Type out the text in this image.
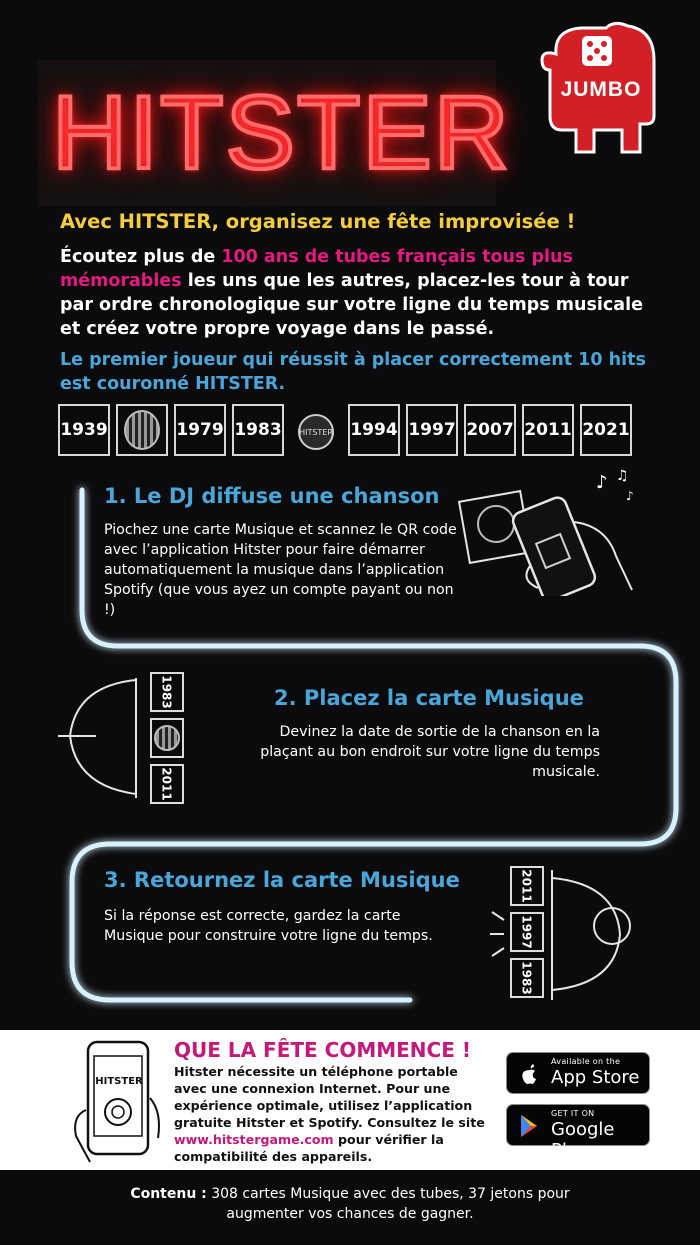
HITSTER	JUMBO
Avec HITSTER, organisez une fête improvisée !
Écoutez plus de 100 ans de tubes français tous plus mémorables les uns que les autres, placez-les tour à tour par ordre chronologique sur votre ligne du temps musicale et créez votre propre voyage dans le passé.
Le premier joueur qui réussit à placer correctement 10 hits est couronné HITSTER.
1939	1979 1983 HITSTER 1994 1997 2007 2011 2021
1. Le DJ diffuse une chanson
Piochez une carte Musique et scannez le QR code avec l’application Hitster pour faire démarrer automatiquement la musique dans l’application Spotify (que vous ayez un compte payant ou non !)
♪ ♫
♪
2. Placez la carte Musique
Devinez la date de sortie de la chanson en la plaçant au bon endroit sur votre ligne du temps musicale.
1983
2011
3. Retournez la carte Musique
Si la réponse est correcte, gardez la carte Musique pour construire votre ligne du temps.
2011
1997
1983
HITSTER
QUE LA FÊTE COMMENCE !
Hitster nécessite un téléphone portable avec une connexion Internet. Pour une expérience optimale, utilisez l’application gratuite Hitster et Spotify. Consultez le site www.hitstergame.com pour vérifier la compatibilité des appareils.
Available on the
App Store
GET IT ON
Google Play
Contenu : 308 cartes Musique avec des tubes, 37 jetons pour augmenter vos chances de gagner.
